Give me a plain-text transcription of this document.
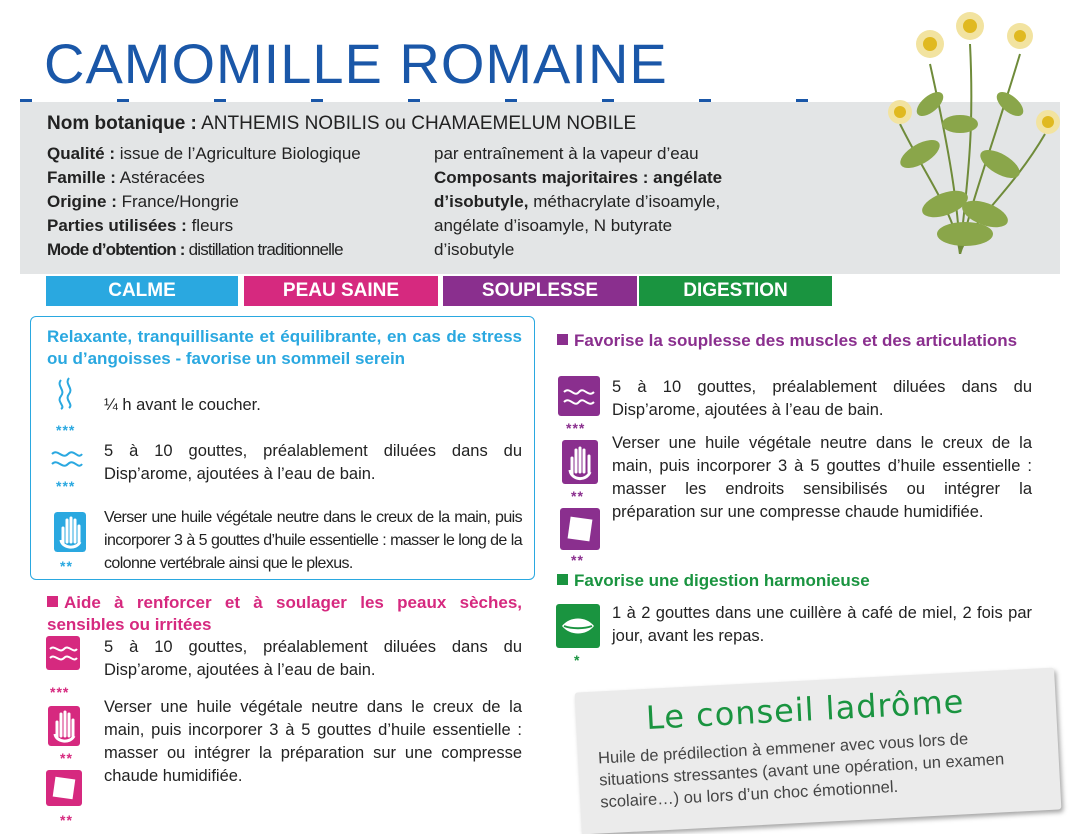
CAMOMILLE ROMAINE
Nom botanique : ANTHEMIS NOBILIS ou CHAMAEMELUM NOBILE
Qualité : issue de l’Agriculture Biologique
Famille : Astéracées
Origine : France/Hongrie
Parties utilisées : fleurs
Mode d’obtention : distillation traditionnelle
par entraînement à la vapeur d’eau
Composants majoritaires : angélate
d’isobutyle, méthacrylate d’isoamyle,
angélate d’isoamyle, N butyrate
d’isobutyle
CALME	PEAU SAINE	SOUPLESSE	DIGESTION
Relaxante, tranquillisante et équilibrante, en cas de stress ou d’angoisses - favorise un sommeil serein
***
¼ h avant le coucher.
***
5 à 10 gouttes, préalablement diluées dans du Disp’arome, ajoutées à l’eau de bain.
**
Verser une huile végétale neutre dans le creux de la main, puis incorporer 3 à 5 gouttes d’huile essentielle : masser le long de la colonne vertébrale ainsi que le plexus.
Aide à renforcer et à soulager les peaux sèches, sensibles ou irritées
***
5 à 10 gouttes, préalablement diluées dans du Disp’arome, ajoutées à l’eau de bain.
**
Verser une huile végétale neutre dans le creux de la main, puis incorporer 3 à 5 gouttes d’huile essentielle : masser ou intégrer la préparation sur une compresse chaude humidifiée.
**
Favorise la souplesse des muscles et des articulations
***
5 à 10 gouttes, préalablement diluées dans du Disp’arome, ajoutées à l’eau de bain.
**
Verser une huile végétale neutre dans le creux de la main, puis incorporer 3 à 5 gouttes d’huile essentielle : masser les endroits sensibilisés ou intégrer la préparation sur une compresse chaude humidifiée.
**
Favorise une digestion harmonieuse
*
1 à 2 gouttes dans une cuillère à café de miel, 2 fois par jour, avant les repas.
Le conseil ladrôme
Huile de prédilection à emmener avec vous lors de situations stressantes (avant une opération, un examen scolaire…) ou lors d’un choc émotionnel.
